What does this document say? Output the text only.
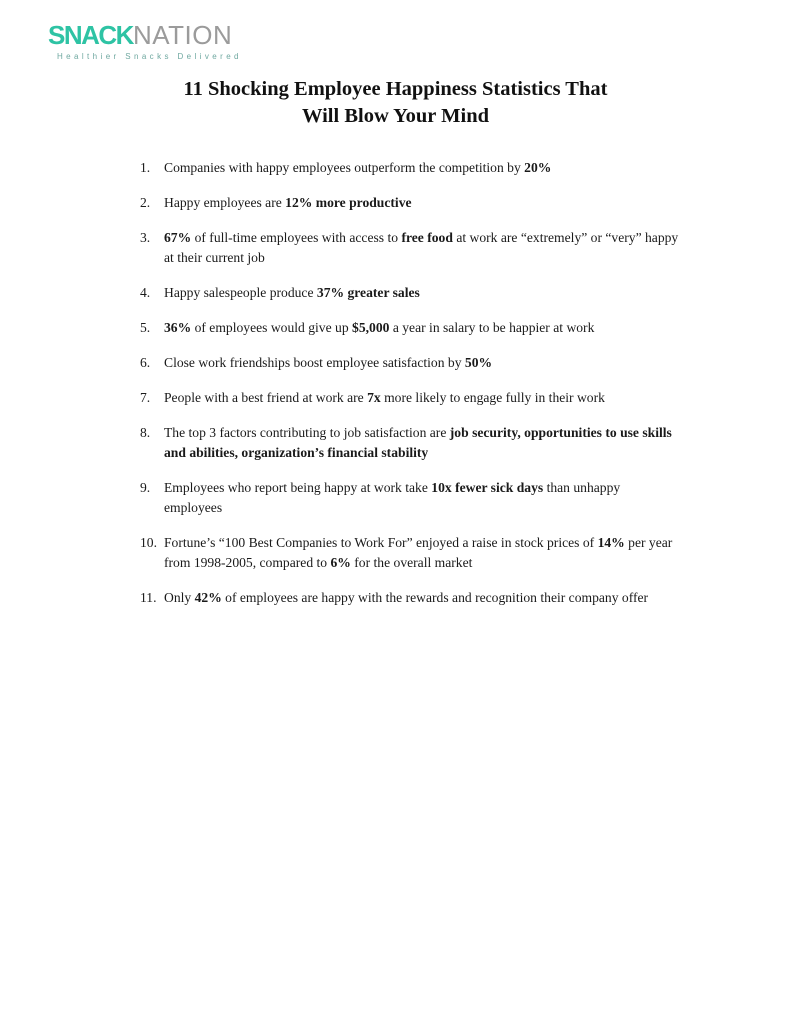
SNACKNATION
Healthier Snacks Delivered
11 Shocking Employee Happiness Statistics That
Will Blow Your Mind
1.	Companies with happy employees outperform the competition by 20%
2.	Happy employees are 12% more productive
3.	67% of full-time employees with access to free food at work are “extremely” or “very” happy at their current job
4.	Happy salespeople produce 37% greater sales
5.	36% of employees would give up $5,000 a year in salary to be happier at work
6.	Close work friendships boost employee satisfaction by 50%
7.	People with a best friend at work are 7x more likely to engage fully in their work
8.	The top 3 factors contributing to job satisfaction are job security, opportunities to use skills and abilities, organization’s financial stability
9.	Employees who report being happy at work take 10x fewer sick days than unhappy employees
10. Fortune’s “100 Best Companies to Work For” enjoyed a raise in stock prices of 14% per year from 1998-2005, compared to 6% for the overall market
11. Only 42% of employees are happy with the rewards and recognition their company offer
